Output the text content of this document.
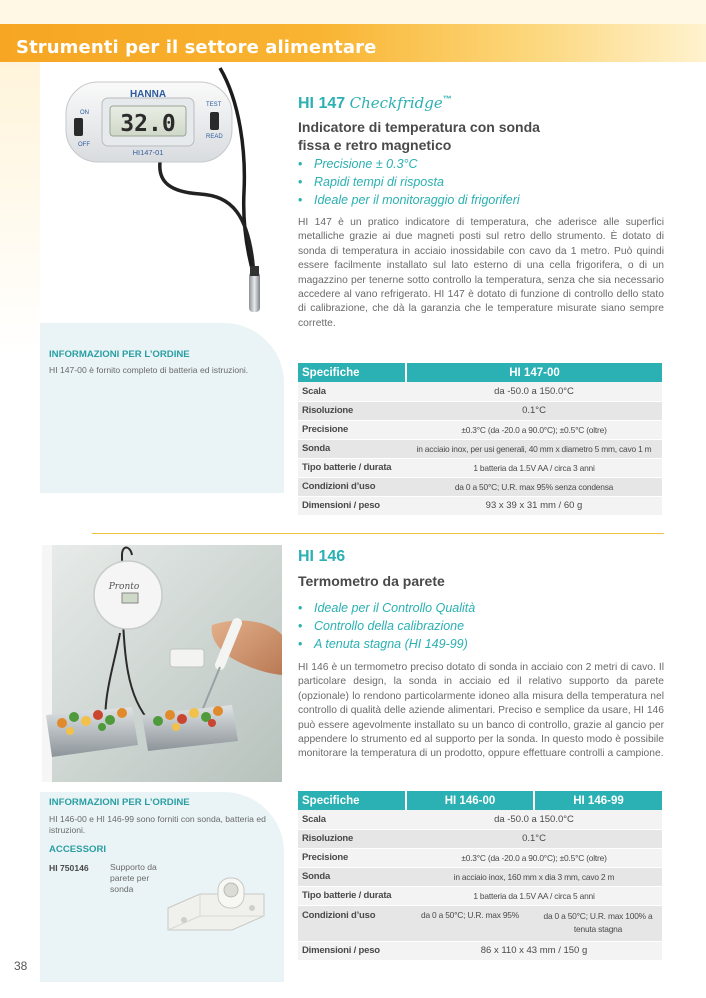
Strumenti per il settore alimentare
HANNA
32.0
HI147-01
ON
OFF
TEST
READ
HI 147 Checkfridge™
Indicatore di temperatura con sonda
fissa e retro magnetico
• Precisione ± 0.3°C
• Rapidi tempi di risposta
• Ideale per il monitoraggio di frigoriferi
HI 147 è un pratico indicatore di temperatura, che aderisce alle superfici metalliche grazie ai due magneti posti sul retro dello strumento. È dotato di sonda di temperatura in acciaio inossidabile con cavo da 1 metro. Può quindi essere facilmente installato sul lato esterno di una cella frigorifera, o di un magazzino per tenerne sotto controllo la temperatura, senza che sia necessario accedere al vano refrigerato. HI 147 è dotato di funzione di controllo dello stato di calibrazione, che dà la garanzia che le temperature misurate siano sempre corrette.
INFORMAZIONI PER L’ORDINE
HI 147-00 è fornito completo di batteria ed istruzioni.	Specifiche	HI 147-00
Scala	da -50.0 a 150.0°C
Risoluzione	0.1°C
Precisione	±0.3°C (da -20.0 a 90.0°C); ±0.5°C (oltre)
Sonda	in acciaio inox, per usi generali, 40 mm x diametro 5 mm, cavo 1 m
Tipo batterie / durata	1 batteria da 1.5V AA / circa 3 anni
Condizioni d’uso	da 0 a 50°C; U.R. max 95% senza condensa
Dimensioni / peso	93 x 39 x 31 mm / 60 g
Pronto
HI 146
Termometro da parete
• Ideale per il Controllo Qualità
• Controllo della calibrazione
• A tenuta stagna (HI 149-99)
HI 146 è un termometro preciso dotato di sonda in acciaio con 2 metri di cavo. Il particolare design, la sonda in acciaio ed il relativo supporto da parete (opzionale) lo rendono particolarmente idoneo alla misura della temperatura nel controllo di qualità delle aziende alimentari. Preciso e semplice da usare, HI 146 può essere agevolmente installato su un banco di controllo, grazie al gancio per appendere lo strumento ed al supporto per la sonda. In questo modo è possibile monitorare la temperatura di un prodotto, oppure effettuare controlli a campione.
INFORMAZIONI PER L’ORDINE
HI 146-00 e HI 146-99 sono forniti con sonda, batteria ed istruzioni.
ACCESSORI
HI 750146 Supporto da parete per sonda
Specifiche	HI 146-00	HI 146-99
Scala	da -50.0 a 150.0°C	
Risoluzione	0.1°C	
Precisione	±0.3°C (da -20.0 a 90.0°C); ±0.5°C (oltre)	
Sonda	in acciaio inox, 160 mm x dia 3 mm, cavo 2 m	
Tipo batterie / durata	1 batteria da 1.5V AA / circa 5 anni	
Condizioni d’uso	da 0 a 50°C; U.R. max 95%	da 0 a 50°C; U.R. max 100% a tenuta stagna
Dimensioni / peso	86 x 110 x 43 mm / 150 g	
38
